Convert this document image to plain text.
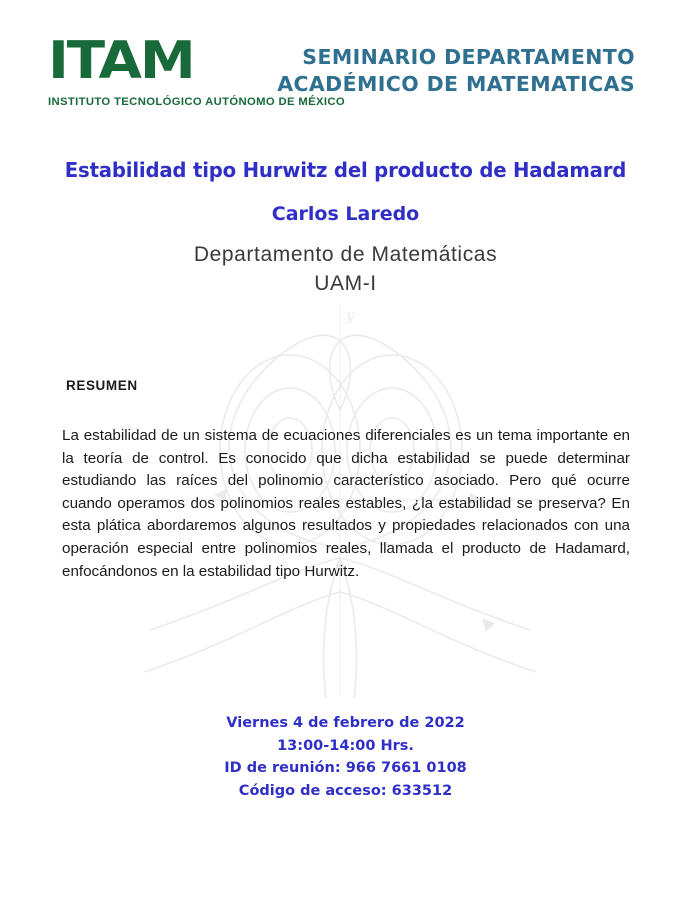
y
ITAM
INSTITUTO TECNOLÓGICO AUTÓNOMO DE MÉXICO
SEMINARIO DEPARTAMENTO
ACADÉMICO DE MATEMATICAS
Estabilidad tipo Hurwitz del producto de Hadamard
Carlos Laredo
Departamento de Matemáticas
UAM-I
RESUMEN
La estabilidad de un sistema de ecuaciones diferenciales es un tema importante en la teoría de control. Es conocido que dicha estabilidad se puede determinar estudiando las raíces del polinomio característico asociado. Pero qué ocurre cuando operamos dos polinomios reales estables, ¿la estabilidad se preserva? En esta plática abordaremos algunos resultados y propiedades relacionados con una operación especial entre polinomios reales, llamada el producto de Hadamard, enfocándonos en la estabilidad tipo Hurwitz.
Viernes 4 de febrero de 2022
13:00-14:00 Hrs.
ID de reunión: 966 7661 0108
Código de acceso: 633512
